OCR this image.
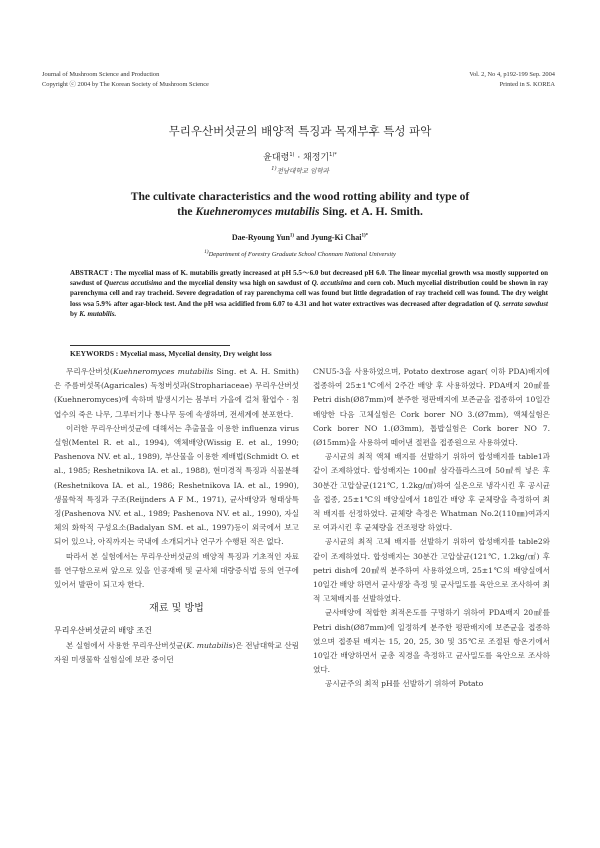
Journal of Mushroom Science and Production
Copyright ⓒ 2004 by The Korean Society of Mushroom Science
Vol. 2, No 4, p192-199 Sep. 2004
Printed in S. KOREA
무리우산버섯균의 배양적 특징과 목재부후 특성 파악
윤대령$^{1)}$ · 채정기$^{1)*}$
$^{1)}$전남대학교 임학과
The cultivate characteristics and the wood rotting ability and type of
the Kuehneromyces mutabilis Sing. et A. H. Smith.
Dae-Ryoung Yun$^{1)}$ and Jyung-Ki Chai$^{1)*}$
$^{1)}$Department of Forestry Graduate School Chonnam National University
ABSTRACT : The mycelial mass of K. mutabilis greatly increased at pH 5.5～6.0 but decreased pH 6.0. The linear mycelial growth wsa mostly supported on sawdust of Quercus accutisima and the mycelial density wsa high on sawdust of Q. accutisima and corn cob. Much mycelial distribution could be shown in ray parenchyma cell and ray tracheid. Severe degradation of ray parenchyma cell was found but little degradation of ray tracheid cell was found. The dry weight loss wsa 5.9% after agar-block test. And the pH wsa acidified from 6.07 to 4.31 and hot water extractives was decreased after degradation of Q. serrata sawdust by K. mutabilis.
KEYWORDS : Mycelial mass, Mycelial density, Dry weight loss

무리우산버섯(Kuehneromyces mutabilis Sing. et A. H. Smith)은 주름버섯목(Agaricales) 독청버섯과(Strophariaceae) 무리우산버섯(Kuehneromyces)에 속하며 발생시기는 봄부터 가을에 걸쳐 활엽수 · 침엽수의 죽은 나무, 그루터기나 통나무 등에 속생하며, 전세계에 분포한다.

이러한 무리우산버섯균에 대해서는 추출물을 이용한 influenza virus 실험(Mentel R. et al., 1994), 액체배양(Wissig E. et al., 1990; Pashenova NV. et al., 1989), 부산물을 이용한 제배법(Schmidt O. et al., 1985; Reshetnikova IA. et al., 1988), 현미경적 특징과 식물분해(Reshetnikova IA. et al., 1986; Reshetnikova IA. et al., 1990), 생물학적 특징과 구조(Reijnders A F M., 1971), 균사배양과 형태상특징(Pashenova NV. et al., 1989; Pashenova NV. et al., 1990), 자실체의 화학적 구성요소(Badalyan SM. et al., 1997)등이 외국에서 보고되어 있으나, 아직까지는 국내에 소개되거나 연구가 수행된 적은 없다.

따라서 본 실험에서는 무리우산버섯균의 배양적 특징과 기초적인 자료를 연구함으로써 앞으로 있을 인공재배 및 균사체 대량증식법 등의 연구에 있어서 발판이 되고자 한다.

재료 및 방법

무리우산버섯균의 배양 조건

본 실험에서 사용한 무리우산버섯균(K. mutabilis)은 전남대학교 산림자원 미생물학 실험실에 보관 중이던

CNU5-3을 사용하였으며, Potato dextrose agar( 이하 PDA)배지에 접종하여 25±1℃에서 2주간 배양 후 사용하였다. PDA배지 20㎖를 Petri dish(Ø87mm)에 분주한 평판배지에 보존균을 접종하여 10일간 배양한 다음 고체실험은 Cork borer NO 3.(Ø7mm), 액체실험은 Cork borer NO 1.(Ø3mm), 톱밥실험은 Cork borer NO 7.(Ø15mm)을 사용하여 떼어낸 절편을 접종원으로 사용하였다.

공시균의 최적 액체 배지를 선발하기 위하여 합성배지를 table1과 같이 조제하였다. 합성배지는 100㎖ 삼각플라스크에 50㎖씩 넣은 후 30분간 고압살균(121℃, 1.2kg/㎠)하여 실온으로 냉각시킨 후 공시균을 접종, 25±1℃의 배양실에서 18일간 배양 후 균체량을 측정하여 최적 배지를 선정하였다. 균체량 측정은 Whatman No.2(110㎜)여과지로 여과시킨 후 균체량을 건조평량 하였다.

공시균의 최적 고체 배지를 선발하기 위하여 합성배지를 table2와 같이 조제하였다. 합성배지는 30분간 고압살균(121℃, 1.2kg/㎠) 후 petri dish에 20㎖씩 분주하여 사용하였으며, 25±1℃의 배양실에서 10일간 배양 하면서 균사생장 측정 및 균사밀도를 육안으로 조사하여 최적 고체배지를 선발하였다.

균사배양에 적합한 최적온도를 구명하기 위하여 PDA배지 20㎖를 Petri dish(Ø87mm)에 일정하게 분주한 평판배지에 보존균을 접종하였으며 접종된 배지는 15, 20, 25, 30 및 35℃로 조절된 항온기에서 10일간 배양하면서 균총 직경을 측정하고 균사밀도를 육안으로 조사하였다.

공시균주의 최적 pH를 선발하기 위하여 Potato
